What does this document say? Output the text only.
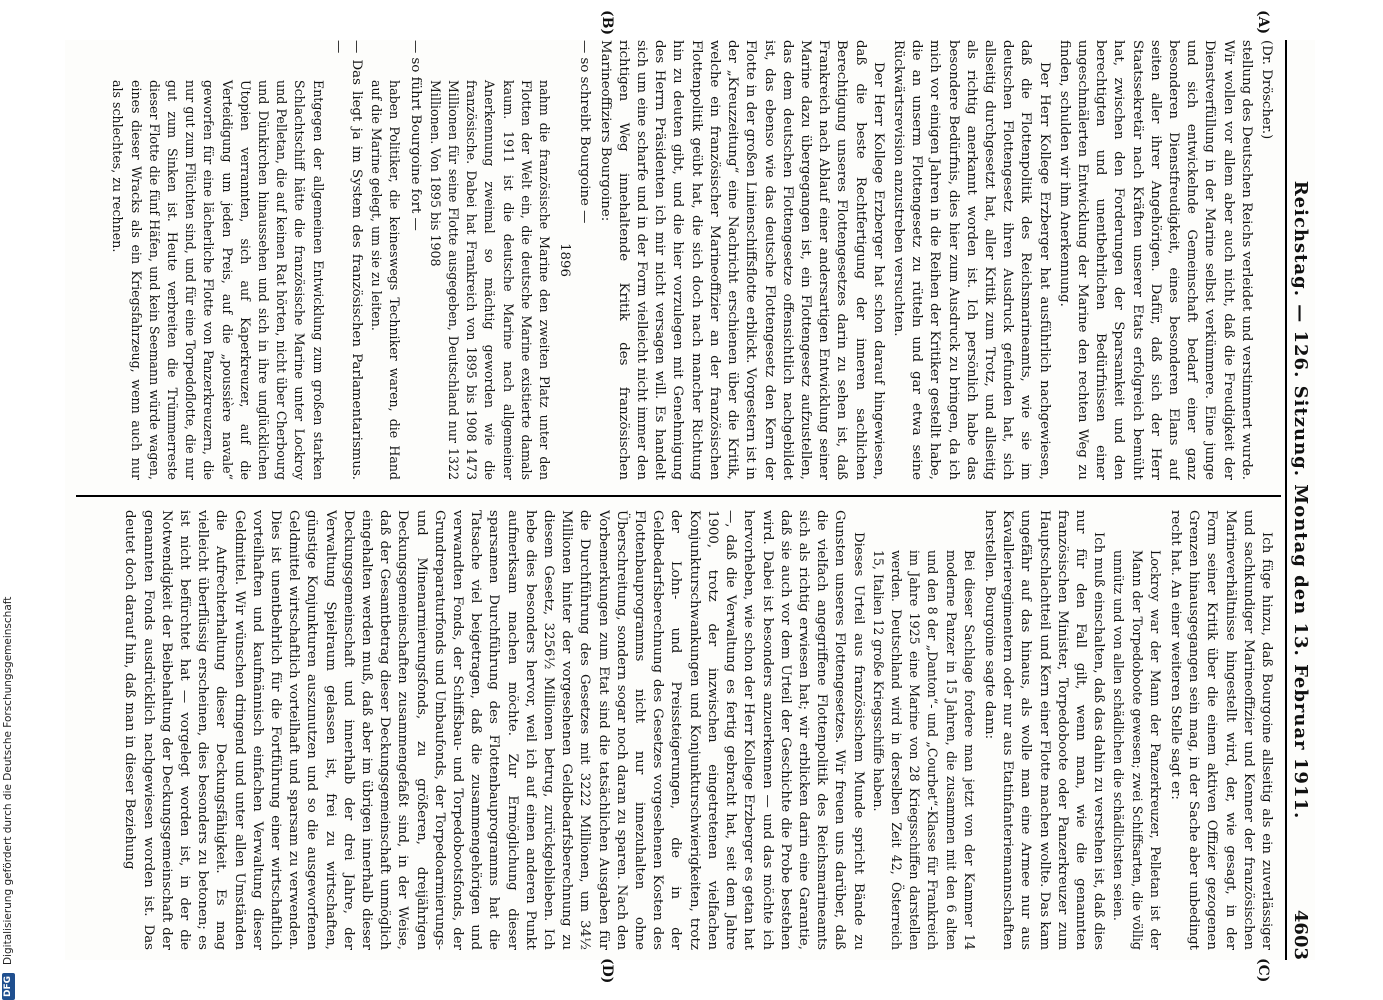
Reichstag. — 126. Sitzung. Montag den 13. Februar 1911.
4603

(Dr. Dröscher.)

stellung des Deutschen Reichs verleidet und verstimmert wurde. Wir wollen vor allem aber auch nicht, daß die Freudigkeit der Dienstverfüllung in der Marine selbst verkümmere. Eine junge und sich entwickelnde Gemeinschaft bedarf einer ganz besonderen Dienstfreudigkeit, eines besonderen Elans auf seiten aller ihrer Angehörigen. Dafür, daß sich der Herr Staatssekretär nach Kräften unserer Etats erfolgreich bemüht hat, zwischen den Forderungen der Sparsamkeit und den berechtigten und unentbehrlichen Bedürfnissen einer ungeschmälerten Entwicklung der Marine den rechten Weg zu finden, schulden wir ihm Anerkennung.

Der Herr Kollege Erzberger hat ausführlich nachgewiesen, daß die Flottenpolitik des Reichsmarineamts, wie sie im deutschen Flottengesetz ihren Ausdruck gefunden hat, sich allseitig durchgesetzt hat, aller Kritik zum Trotz, und allseitig als richtig anerkannt worden ist. Ich persönlich habe das besondere Bedürfnis, dies hier zum Ausdruck zu bringen, da ich mich vor einigen Jahren in die Reihen der Kritiker gestellt habe, die an unserm Flottengesetz zu rütteln und gar etwa seine Rückwärtsrevision anzustreben versuchten.

Der Herr Kollege Erzberger hat schon darauf hingewiesen, daß die beste Rechtfertigung der inneren sachlichen Berechtigung unseres Flottengesetzes darin zu sehen ist, daß Frankreich nach Ablauf einer andersartigen Entwicklung seiner Marine dazu übergegangen ist, ein Flottengesetz aufzustellen, das dem deutschen Flottengesetze offensichtlich nachgebildet ist, das ebenso wie das deutsche Flottengesetz den Kern der Flotte in der großen Linienschiffsflotte erblickt. Vorgestern ist in der „Kreuzzeitung“ eine Nachricht erschienen über die Kritik, welche ein französischer Marineoffizier an der französischen Flottenpolitik geübt hat, die sich doch nach mancher Richtung hin zu deuten gibt, und die hier vorzulegen mit Genehmigung des Herrn Präsidenten ich mir nicht versagen will. Es handelt sich um eine scharfe und in der Form vielleicht nicht immer den richtigen Weg innehaltende Kritik des französischen Marineoffiziers Bourgoine:

— so schreibt Bourgoine —

1896

nahm die französische Marine den zweiten Platz unter den Flotten der Welt ein, die deutsche Marine existierte damals kaum. 1911 ist die deutsche Marine nach allgemeiner Anerkennung zweimal so mächtig geworden wie die französische. Dabei hat Frankreich von 1895 bis 1908 1473 Millionen für seine Flotte ausgegeben, Deutschland nur 1322 Millionen. Von 1895 bis 1908

— so führt Bourgoine fort —

haben Politiker, die keineswegs Techniker waren, die Hand auf die Marine gelegt, um sie zu leiten.

— Das liegt ja im System des französischen Parlamentarismus. —

Entgegen der allgemeinen Entwicklung zum großen starken Schlachtschiff hätte die französische Marine unter Lockroy und Pelletan, die auf keinen Rat hörten, nicht über Cherbourg und Dünkirchen hinaussehen und sich in ihre unglücklichen Utopien verrannten, sich auf Kaperkreuzer, auf die Verteidigung um jeden Preis, auf die „poussière navale“ geworfen für eine lächerliche Flotte von Panzerkreuzern, die nur gut zum Flüchten sind, und für eine Torpedoflotte, die nur gut zum Sinken ist. Heute verbreiten die Trümmerreste dieser Flotte die fünf Häfen, und kein Seemann würde wagen, eines dieser Wracks als ein Kriegsfahrzeug, wenn auch nur als schlechtes, zu rechnen.

Ich füge hinzu, daß Bourgoine allseitig als ein zuverlässiger und sachkundiger Marineoffizier und Kenner der französischen Marineverhältnisse hingestellt wird, der, wie gesagt, in der Form seiner Kritik über die einem aktiven Offizier gezogenen Grenzen hinausgegangen sein mag, in der Sache aber unbedingt recht hat. An einer weiteren Stelle sagt er:

Lockroy war der Mann der Panzerkreuzer, Pelletan ist der Mann der Torpedoboote gewesen; zwei Schiffsarten, die völlig unnütz und von allen schädlichen die schädlichsten seien.

Ich muß einschalten, daß das dahin zu verstehen ist, daß dies nur für den Fall gilt, wenn man, wie die genannten französischen Minister, Torpedoboote oder Panzerkreuzer zum Hauptschlachtteil und Kern einer Flotte machen wollte. Das kam ungefähr auf das hinaus, als wolle man eine Armee nur aus Kavallerieregimentern oder nur aus Etatinfanteriemannschaften herstellen. Bourgoine sagte dann:

Bei dieser Sachlage fordere man jetzt von der Kammer 14 moderne Panzer in 15 Jahren, die zusammen mit den 6 alten und den 8 der „Danton“- und „Courbet“-Klasse für Frankreich im Jahre 1925 eine Marine von 28 Kriegsschiffen darstellen werden. Deutschland wird in derselben Zeit 42, Österreich 15, Italien 12 große Kriegsschiffe haben.

Dieses Urteil aus französischem Munde spricht Bände zu Gunsten unseres Flottengesetzes. Wir freuen uns darüber, daß die vielfach angegriffene Flottenpolitik des Reichsmarineamts sich als richtig erwiesen hat; wir erblicken darin eine Garantie, daß sie auch vor dem Urteil der Geschichte die Probe bestehen wird. Dabei ist besonders anzuerkennen — und das möchte ich hervorheben, wie schon der Herr Kollege Erzberger es getan hat —, daß die Verwaltung es fertig gebracht hat, seit dem Jahre 1900, trotz der inzwischen eingetretenen vielfachen Konjunkturschwankungen und Konjunkturschwierigkeiten, trotz der Lohn- und Preissteigerungen, die in der Geldbedarfsberechnung des Gesetzes vorgesehenen Kosten des Flottenbauprogramms nicht nur innezuhalten ohne Überschreitung, sondern sogar noch daran zu sparen. Nach den Vorbemerkungen zum Etat sind die tatsächlichen Ausgaben für die Durchführung des Gesetzes mit 3222 Millionen, um 34½ Millionen hinter der vorgesehenen Geldbedarfsberechnung zu diesem Gesetz, 3256½ Millionen betrug, zurückgeblieben. Ich hebe dies besonders hervor, weil ich auf einen anderen Punkt aufmerksam machen möchte. Zur Ermöglichung dieser sparsamen Durchführung des Flottenbauprogramms hat die Tatsache viel beigetragen, daß die zusammengehörigen und verwandten Fonds, der Schiffsbau- und Torpedobootsfonds, der Grundreparaturfonds und Umbaufonds, der Torpedoarmierungs- und Minenarmierungsfonds, zu größeren, dreijährigen Deckungsgemeinschaften zusammengefaßt sind, in der Weise, daß der Gesamtbetrag dieser Deckungsgemeinschaft unmöglich eingehalten werden muß, daß aber im übrigen innerhalb dieser Deckungsgemeinschaft und innerhalb der drei Jahre, der Verwaltung Spielraum gelassen ist, frei zu wirtschaften, günstige Konjunkturen auszunutzen und so die ausgeworfenen Geldmittel wirtschaftlich vorteilhaft und sparsam zu verwenden. Dies ist unentbehrlich für die Fortführung einer wirtschaftlich vorteilhaften und kaufmännisch einfachen Verwaltung dieser Geldmittel. Wir wünschen dringend und unter allen Umständen die Aufrechterhaltung dieser Deckungsfähigkeit. Es mag vielleicht überflüssig erscheinen, dies besonders zu betonen; es ist nicht befürchtet hat — vorgelegt worden ist, in der die Notwendigkeit der Beibehaltung der Deckungsgemeinschaft der genannten Fonds ausdrücklich nachgewiesen worden ist. Das deutet doch darauf hin, daß man in dieser Beziehung

(A)
(B)
(C)
(D)
DFG
Digitalisierung gefördert durch die Deutsche Forschungsgemeinschaft
